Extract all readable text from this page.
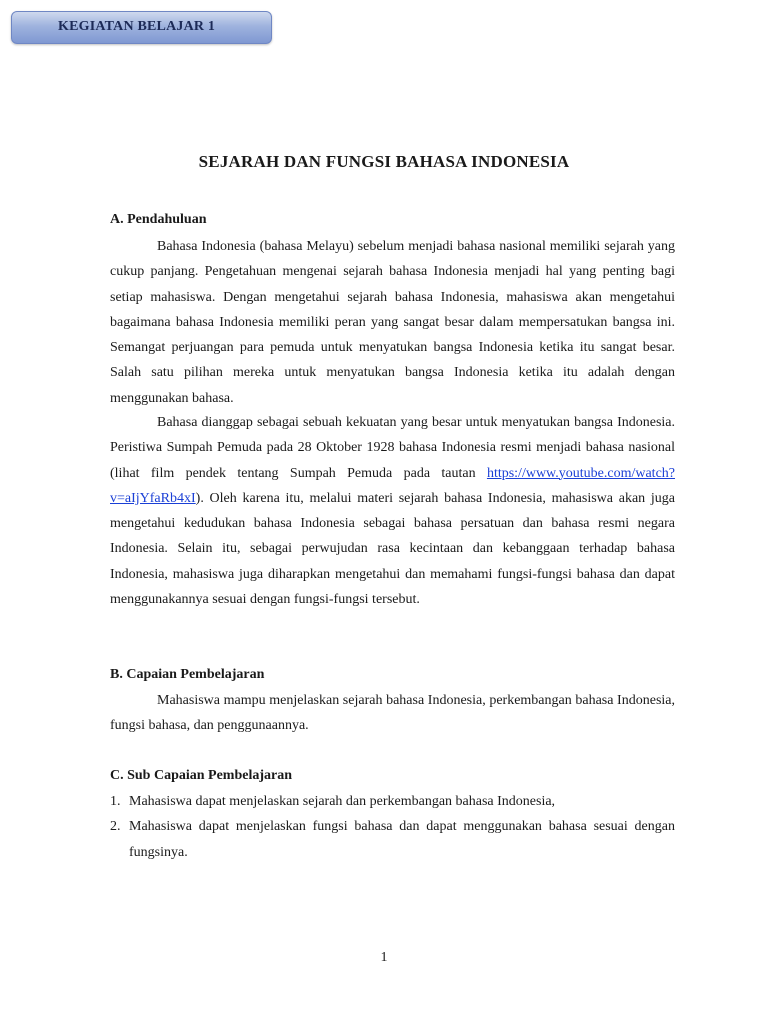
KEGIATAN BELAJAR 1
SEJARAH DAN FUNGSI BAHASA INDONESIA
A. Pendahuluan

Bahasa Indonesia (bahasa Melayu) sebelum menjadi bahasa nasional memiliki sejarah yang cukup panjang. Pengetahuan mengenai sejarah bahasa Indonesia menjadi hal yang penting bagi setiap mahasiswa. Dengan mengetahui sejarah bahasa Indonesia, mahasiswa akan mengetahui bagaimana bahasa Indonesia memiliki peran yang sangat besar dalam mempersatukan bangsa ini. Semangat perjuangan para pemuda untuk menyatukan bangsa Indonesia ketika itu sangat besar. Salah satu pilihan mereka untuk menyatukan bangsa Indonesia ketika itu adalah dengan menggunakan bahasa.

Bahasa dianggap sebagai sebuah kekuatan yang besar untuk menyatukan bangsa Indonesia. Peristiwa Sumpah Pemuda pada 28 Oktober 1928 bahasa Indonesia resmi menjadi bahasa nasional (lihat film pendek tentang Sumpah Pemuda pada tautan https://www.youtube.com/watch?v=aIjYfaRb4xI). Oleh karena itu, melalui materi sejarah bahasa Indonesia, mahasiswa akan juga mengetahui kedudukan bahasa Indonesia sebagai bahasa persatuan dan bahasa resmi negara Indonesia. Selain itu, sebagai perwujudan rasa kecintaan dan kebanggaan terhadap bahasa Indonesia, mahasiswa juga diharapkan mengetahui dan memahami fungsi-fungsi bahasa dan dapat menggunakannya sesuai dengan fungsi-fungsi tersebut.

B. Capaian Pembelajaran

Mahasiswa mampu menjelaskan sejarah bahasa Indonesia, perkembangan bahasa Indonesia, fungsi bahasa, dan penggunaannya.

C. Sub Capaian Pembelajaran
1. Mahasiswa dapat menjelaskan sejarah dan perkembangan bahasa Indonesia,
2. Mahasiswa dapat menjelaskan fungsi bahasa dan dapat menggunakan bahasa sesuai dengan fungsinya.
1
